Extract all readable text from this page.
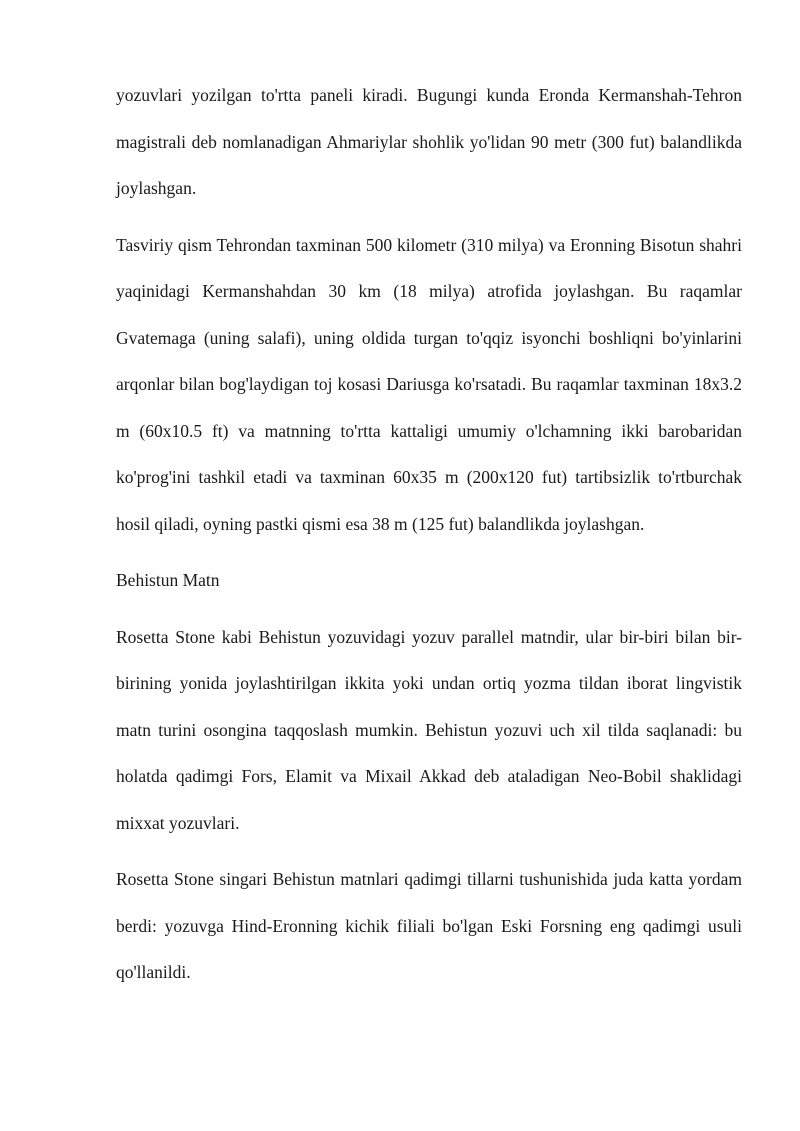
yozuvlari yozilgan to'rtta paneli kiradi. Bugungi kunda Eronda Kermanshah-Tehron magistrali deb nomlanadigan Ahmariylar shohlik yo'lidan 90 metr (300 fut) balandlikda joylashgan.

Tasviriy qism Tehrondan taxminan 500 kilometr (310 milya) va Eronning Bisotun shahri yaqinidagi Kermanshahdan 30 km (18 milya) atrofida joylashgan. Bu raqamlar Gvatemaga (uning salafi), uning oldida turgan to'qqiz isyonchi boshliqni bo'yinlarini arqonlar bilan bog'laydigan toj kosasi Dariusga ko'rsatadi. Bu raqamlar taxminan 18x3.2 m (60x10.5 ft) va matnning to'rtta kattaligi umumiy o'lchamning ikki barobaridan ko'prog'ini tashkil etadi va taxminan 60x35 m (200x120 fut) tartibsizlik to'rtburchak hosil qiladi, oyning pastki qismi esa 38 m (125 fut) balandlikda joylashgan.

Behistun Matn

Rosetta Stone kabi Behistun yozuvidagi yozuv parallel matndir, ular bir-biri bilan bir-birining yonida joylashtirilgan ikkita yoki undan ortiq yozma tildan iborat lingvistik matn turini osongina taqqoslash mumkin. Behistun yozuvi uch xil tilda saqlanadi: bu holatda qadimgi Fors, Elamit va Mixail Akkad deb ataladigan Neo-Bobil shaklidagi mixxat yozuvlari.

Rosetta Stone singari Behistun matnlari qadimgi tillarni tushunishida juda katta yordam berdi: yozuvga Hind-Eronning kichik filiali bo'lgan Eski Forsning eng qadimgi usuli qo'llanildi.
